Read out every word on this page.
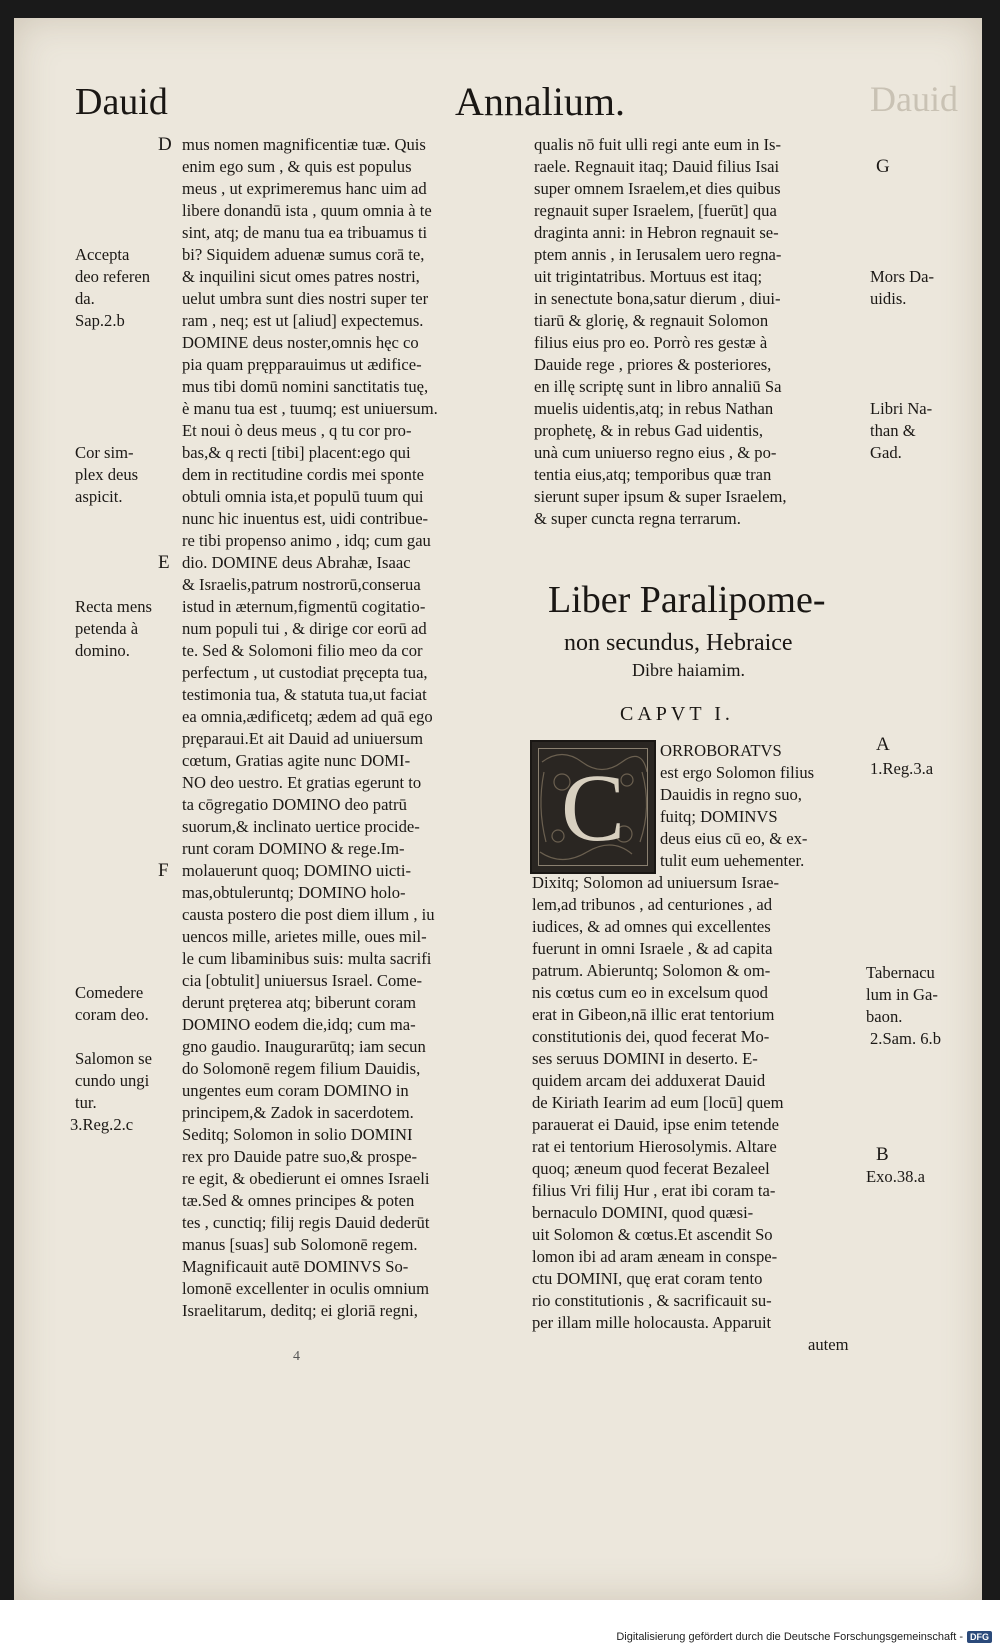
Dauid	Annalium.	Dauid
D
E
F
Accepta
deo referen
da.
Sap.2.b
Cor sim-
plex deus
aspicit.
Recta mens
petenda à
domino.
Comedere
coram deo.
Salomon se
cundo ungi
tur.
3.Reg.2.c
mus nomen magnificentiæ tuæ. Quis
enim ego sum , & quis est populus
meus , ut exprimeremus hanc uim ad
libere donandū ista , quum omnia à te
sint, atq; de manu tua ea tribuamus ti
bi? Siquidem aduenæ sumus corā te,
& inquilini sicut omes patres nostri,
uelut umbra sunt dies nostri super ter
ram , neq; est ut [aliud] expectemus.
DOMINE deus noster,omnis hęc co
pia quam prępparauimus ut ædifice-
mus tibi domū nomini sanctitatis tuę,
è manu tua est , tuumq; est uniuersum.
Et noui ò deus meus , q tu cor pro-
bas,& q recti [tibi] placent:ego qui
dem in rectitudine cordis mei sponte
obtuli omnia ista,et populū tuum qui
nunc hic inuentus est, uidi contribue-
re tibi propenso animo , idq; cum gau
dio. DOMINE deus Abrahæ, Isaac
& Israelis,patrum nostrorū,conserua
istud in æternum,figmentū cogitatio-
num populi tui , & dirige cor eorū ad
te. Sed & Solomoni filio meo da cor
perfectum , ut custodiat pręcepta tua,
testimonia tua, & statuta tua,ut faciat
ea omnia,ædificetq; ædem ad quā ego
pręparaui.Et ait Dauid ad uniuersum
cœtum, Gratias agite nunc DOMI-
NO deo uestro. Et gratias egerunt to
ta cōgregatio DOMINO deo patrū
suorum,& inclinato uertice procide-
runt coram DOMINO & rege.Im-
molauerunt quoq; DOMINO uicti-
mas,obtuleruntq; DOMINO holo-
causta postero die post diem illum , iu
uencos mille, arietes mille, oues mil-
le cum libaminibus suis: multa sacrifi
cia [obtulit] uniuersus Israel. Come-
derunt pręterea atq; biberunt coram
DOMINO eodem die,idq; cum ma-
gno gaudio. Inaugurarūtq; iam secun
do Solomonē regem filium Dauidis,
ungentes eum coram DOMINO in
principem,& Zadok in sacerdotem.
Seditq; Solomon in solio DOMINI
rex pro Dauide patre suo,& prospe-
re egit, & obedierunt ei omnes Israeli
tæ.Sed & omnes principes & poten
tes , cunctiq; filij regis Dauid dederūt
manus [suas] sub Solomonē regem.
Magnificauit autē DOMINVS So-
lomonē excellenter in oculis omnium
Israelitarum, deditq; ei gloriā regni,
qualis nō fuit ulli regi ante eum in Is-
raele. Regnauit itaq; Dauid filius Isai
super omnem Israelem,et dies quibus
regnauit super Israelem, [fuerūt] qua
draginta anni: in Hebron regnauit se-
ptem annis , in Ierusalem uero regna-
uit trigintatribus. Mortuus est itaq;
in senectute bona,satur dierum , diui-
tiarū & glorię, & regnauit Solomon
filius eius pro eo. Porrò res gestæ à
Dauide rege , priores & posteriores,
en illę scriptę sunt in libro annaliū Sa
muelis uidentis,atq; in rebus Nathan
prophetę, & in rebus Gad uidentis,
unà cum uniuerso regno eius , & po-
tentia eius,atq; temporibus quæ tran
sierunt super ipsum & super Israelem,
& super cuncta regna terrarum.
G
Mors Da-
uidis.
Libri Na-
than &
Gad.
Liber Paralipome-
non secundus, Hebraice
Dibre haiamim.
CAPVT I.
C
ORROBORATVS
est ergo Solomon filius
Dauidis in regno suo,
fuitq; DOMINVS
deus eius cū eo, & ex-
tulit eum uehementer.
Dixitq; Solomon ad uniuersum Israe-
lem,ad tribunos , ad centuriones , ad
iudices, & ad omnes qui excellentes
fuerunt in omni Israele , & ad capita
patrum. Abieruntq; Solomon & om-
nis cœtus cum eo in excelsum quod
erat in Gibeon,nā illic erat tentorium
constitutionis dei, quod fecerat Mo-
ses seruus DOMINI in deserto. E-
quidem arcam dei adduxerat Dauid
de Kiriath Iearim ad eum [locū] quem
parauerat ei Dauid, ipse enim tetende
rat ei tentorium Hierosolymis. Altare
quoq; æneum quod fecerat Bezaleel
filius Vri filij Hur , erat ibi coram ta-
bernaculo DOMINI, quod quæsi-
uit Solomon & cœtus.Et ascendit So
lomon ibi ad aram æneam in conspe-
ctu DOMINI, quę erat coram tento
rio constitutionis , & sacrificauit su-
per illam mille holocausta. Apparuit
autem
A
B
1.Reg.3.a
Tabernacu
lum in Ga-
baon.
2.Sam. 6.b
Exo.38.a
4
Digitalisierung gefördert durch die Deutsche Forschungsgemeinschaft - DFG
